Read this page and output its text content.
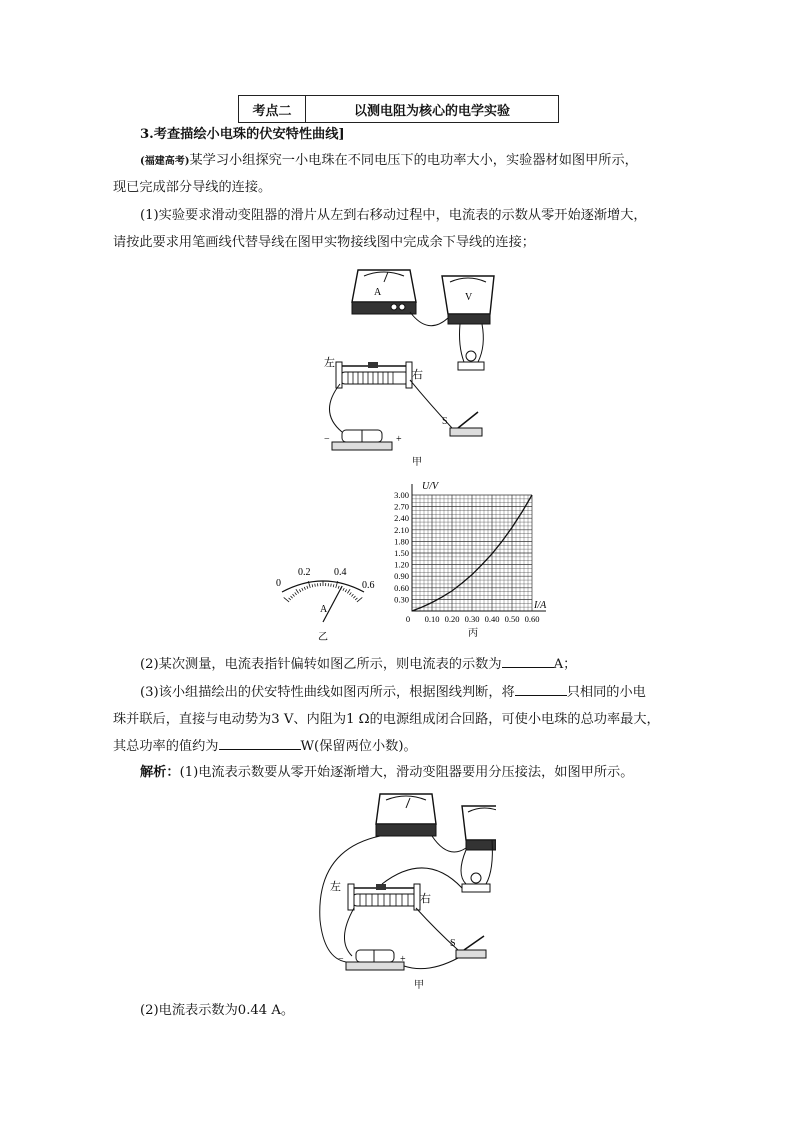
考点二	以测电阻为核心的电学实验

3.考查描绘小电珠的伏安特性曲线]

(福建高考)某学习小组探究一小电珠在不同电压下的电功率大小，实验器材如图甲所示，

现已完成部分导线的连接。

(1)实验要求滑动变阻器的滑片从左到右移动过程中，电流表的示数从零开始逐渐增大，

请按此要求用笔画线代替导线在图甲实物接线图中完成余下导线的连接；

A	V
左
右
−	+
S
甲
0
0.2 0.4
0.6
A
乙
0.30
0.60
0.90
1.20
1.50
1.80
2.10
2.40
2.70
3.00
0 0.10 0.20 0.30 0.40 0.50 0.60
U/V
I/A
丙

(2)某次测量，电流表指针偏转如图乙所示，则电流表的示数为	A；

(3)该小组描绘出的伏安特性曲线如图丙所示，根据图线判断，将	只相同的小电

珠并联后，直接与电动势为3 V、内阻为1 Ω的电源组成闭合回路，可使小电珠的总功率最大，

其总功率的值约为	W(保留两位小数)。

解析：(1)电流表示数要从零开始逐渐增大，滑动变阻器要用分压接法，如图甲所示。

左
右
−	+
S
甲

(2)电流表示数为0.44 A。
